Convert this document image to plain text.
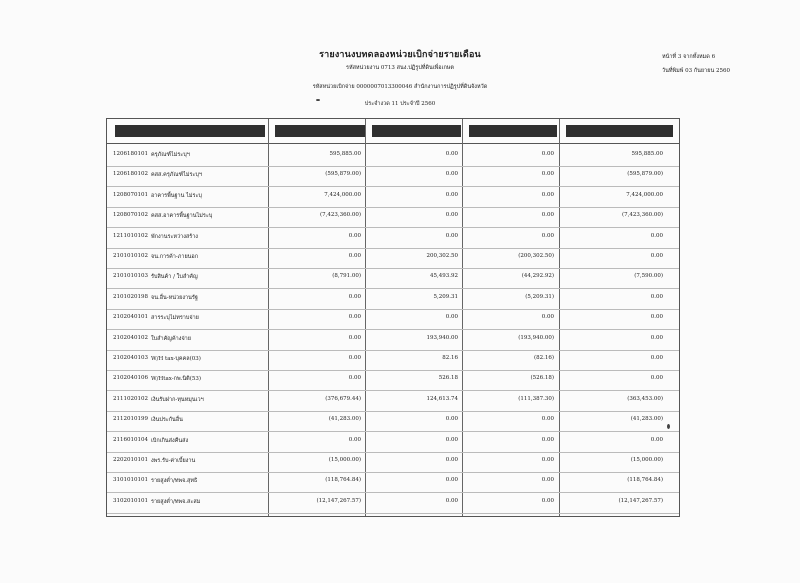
รายงานงบทดลองหน่วยเบิกจ่ายรายเดือน
รหัสหน่วยงาน 0713 สนง.ปฏิรูปที่ดินเพื่อเกษต
รหัสหน่วยเบิกจ่าย 0000007013300046 สำนักงานการปฏิรูปที่ดินจังหวัด
ประจำงวด 11 ประจำปี 2560
หน้าที่ 3 จากทั้งหมด 6
วันที่พิมพ์ 03 กันยายน 2560
1206180101 ครุภัณฑ์ไม่ระบุฯ	595,885.00	0.00	0.00	595,885.00
1206180102 คสส.ครุภัณฑ์ไม่ระบุฯ	(595,879.00)	0.00	0.00	(595,879.00)
1208070101 อาคารพื้นฐาน ไม่ระบุ	7,424,000.00	0.00	0.00	7,424,000.00
1208070102 คสส.อาคารพื้นฐานไม่ระบุ	(7,423,360.00)	0.00	0.00	(7,423,360.00)
1211010102 พักงานระหว่างสร้าง	0.00	0.00	0.00	0.00
2101010102 จน.การค้า-ภายนอก	0.00	200,302.50	(200,302.50)	0.00
2101010103 รับสินค้า / ใบสำคัญ	(8,791.00)	45,493.92	(44,292.92)	(7,590.00)
2101020198 จน.อื่น-หน่วยงานรัฐ	0.00	5,209.31	(5,209.31)	0.00
2102040101 สารระบุไม่ทราบจ่าย	0.00	0.00	0.00	0.00
2102040102 ใบสำคัญค้างจ่าย	0.00	193,940.00	(193,940.00)	0.00
2102040103 W/H tax-บุคคล(03)	0.00	82.16	(82.16)	0.00
2102040106 W/Htax-กพ.นิติ(53)	0.00	526.18	(526.18)	0.00
2111020102 เงินรับฝาก-ทุนหมุนเวฯ	(376,679.44)	124,613.74	(111,387.30)	(363,453.00)
2112010199 เงินประกันอื่น	(41,283.00)	0.00	0.00	(41,283.00)
2116010104 เบิกเกินส่งคืนส่ง	0.00	0.00	0.00	0.00
2202010101 งพร.รับ-ค่าเบี้ยงาน	(15,000.00)	0.00	0.00	(15,000.00)
3101010101 รายสูงต่ำ/ทพจ.สุทธิ	(118,764.84)	0.00	0.00	(118,764.84)
3102010101 รายสูงต่ำ/ทพจ.สะสม	(12,147,267.57)	0.00	0.00	(12,147,267.57)
